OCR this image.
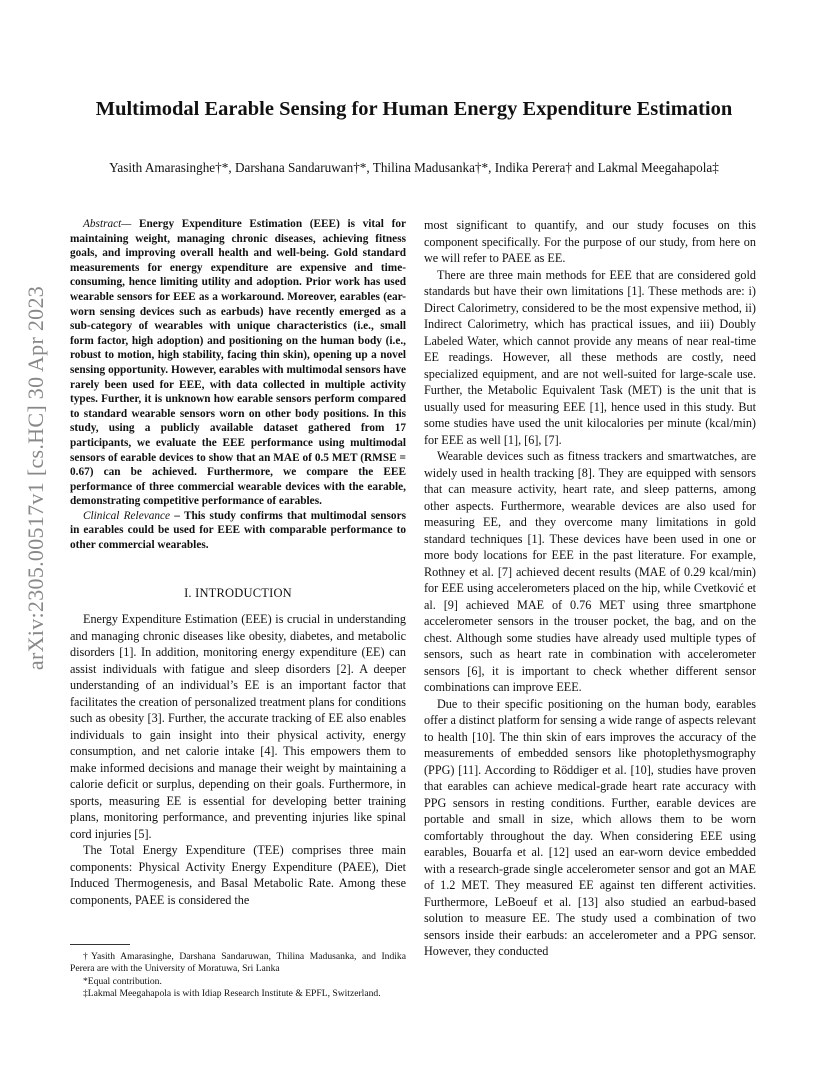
arXiv:2305.00517v1 [cs.HC] 30 Apr 2023
Multimodal Earable Sensing for Human Energy Expenditure Estimation
Yasith Amarasinghe†*, Darshana Sandaruwan†*, Thilina Madusanka†*, Indika Perera† and Lakmal Meegahapola‡

Abstract— Energy Expenditure Estimation (EEE) is vital for maintaining weight, managing chronic diseases, achieving fitness goals, and improving overall health and well-being. Gold standard measurements for energy expenditure are expensive and time-consuming, hence limiting utility and adoption. Prior work has used wearable sensors for EEE as a workaround. Moreover, earables (ear-worn sensing devices such as earbuds) have recently emerged as a sub-category of wearables with unique characteristics (i.e., small form factor, high adoption) and positioning on the human body (i.e., robust to motion, high stability, facing thin skin), opening up a novel sensing opportunity. However, earables with multimodal sensors have rarely been used for EEE, with data collected in multiple activity types. Further, it is unknown how earable sensors perform compared to standard wearable sensors worn on other body positions. In this study, using a publicly available dataset gathered from 17 participants, we evaluate the EEE performance using multimodal sensors of earable devices to show that an MAE of 0.5 MET (RMSE = 0.67) can be achieved. Furthermore, we compare the EEE performance of three commercial wearable devices with the earable, demonstrating competitive performance of earables.

Clinical Relevance – This study confirms that multimodal sensors in earables could be used for EEE with comparable performance to other commercial wearables.

I. INTRODUCTION

Energy Expenditure Estimation (EEE) is crucial in understanding and managing chronic diseases like obesity, diabetes, and metabolic disorders [1]. In addition, monitoring energy expenditure (EE) can assist individuals with fatigue and sleep disorders [2]. A deeper understanding of an individual’s EE is an important factor that facilitates the creation of personalized treatment plans for conditions such as obesity [3]. Further, the accurate tracking of EE also enables individuals to gain insight into their physical activity, energy consumption, and net calorie intake [4]. This empowers them to make informed decisions and manage their weight by maintaining a calorie deficit or surplus, depending on their goals. Furthermore, in sports, measuring EE is essential for developing better training plans, monitoring performance, and preventing injuries like spinal cord injuries [5].

The Total Energy Expenditure (TEE) comprises three main components: Physical Activity Energy Expenditure (PAEE), Diet Induced Thermogenesis, and Basal Metabolic Rate. Among these components, PAEE is considered the

†Yasith Amarasinghe, Darshana Sandaruwan, Thilina Madusanka, and Indika Perera are with the University of Moratuwa, Sri Lanka

*Equal contribution.

‡Lakmal Meegahapola is with Idiap Research Institute & EPFL, Switzerland.

most significant to quantify, and our study focuses on this component specifically. For the purpose of our study, from here on we will refer to PAEE as EE.

There are three main methods for EEE that are considered gold standards but have their own limitations [1]. These methods are: i) Direct Calorimetry, considered to be the most expensive method, ii) Indirect Calorimetry, which has practical issues, and iii) Doubly Labeled Water, which cannot provide any means of near real-time EE readings. However, all these methods are costly, need specialized equipment, and are not well-suited for large-scale use. Further, the Metabolic Equivalent Task (MET) is the unit that is usually used for measuring EEE [1], hence used in this study. But some studies have used the unit kilocalories per minute (kcal/min) for EEE as well [1], [6], [7].

Wearable devices such as fitness trackers and smartwatches, are widely used in health tracking [8]. They are equipped with sensors that can measure activity, heart rate, and sleep patterns, among other aspects. Furthermore, wearable devices are also used for measuring EE, and they overcome many limitations in gold standard techniques [1]. These devices have been used in one or more body locations for EEE in the past literature. For example, Rothney et al. [7] achieved decent results (MAE of 0.29 kcal/min) for EEE using accelerometers placed on the hip, while Cvetković et al. [9] achieved MAE of 0.76 MET using three smartphone accelerometer sensors in the trouser pocket, the bag, and on the chest. Although some studies have already used multiple types of sensors, such as heart rate in combination with accelerometer sensors [6], it is important to check whether different sensor combinations can improve EEE.

Due to their specific positioning on the human body, earables offer a distinct platform for sensing a wide range of aspects relevant to health [10]. The thin skin of ears improves the accuracy of the measurements of embedded sensors like photoplethysmography (PPG) [11]. According to Röddiger et al. [10], studies have proven that earables can achieve medical-grade heart rate accuracy with PPG sensors in resting conditions. Further, earable devices are portable and small in size, which allows them to be worn comfortably throughout the day. When considering EEE using earables, Bouarfa et al. [12] used an ear-worn device embedded with a research-grade single accelerometer sensor and got an MAE of 1.2 MET. They measured EE against ten different activities. Furthermore, LeBoeuf et al. [13] also studied an earbud-based solution to measure EE. The study used a combination of two sensors inside their earbuds: an accelerometer and a PPG sensor. However, they conducted
